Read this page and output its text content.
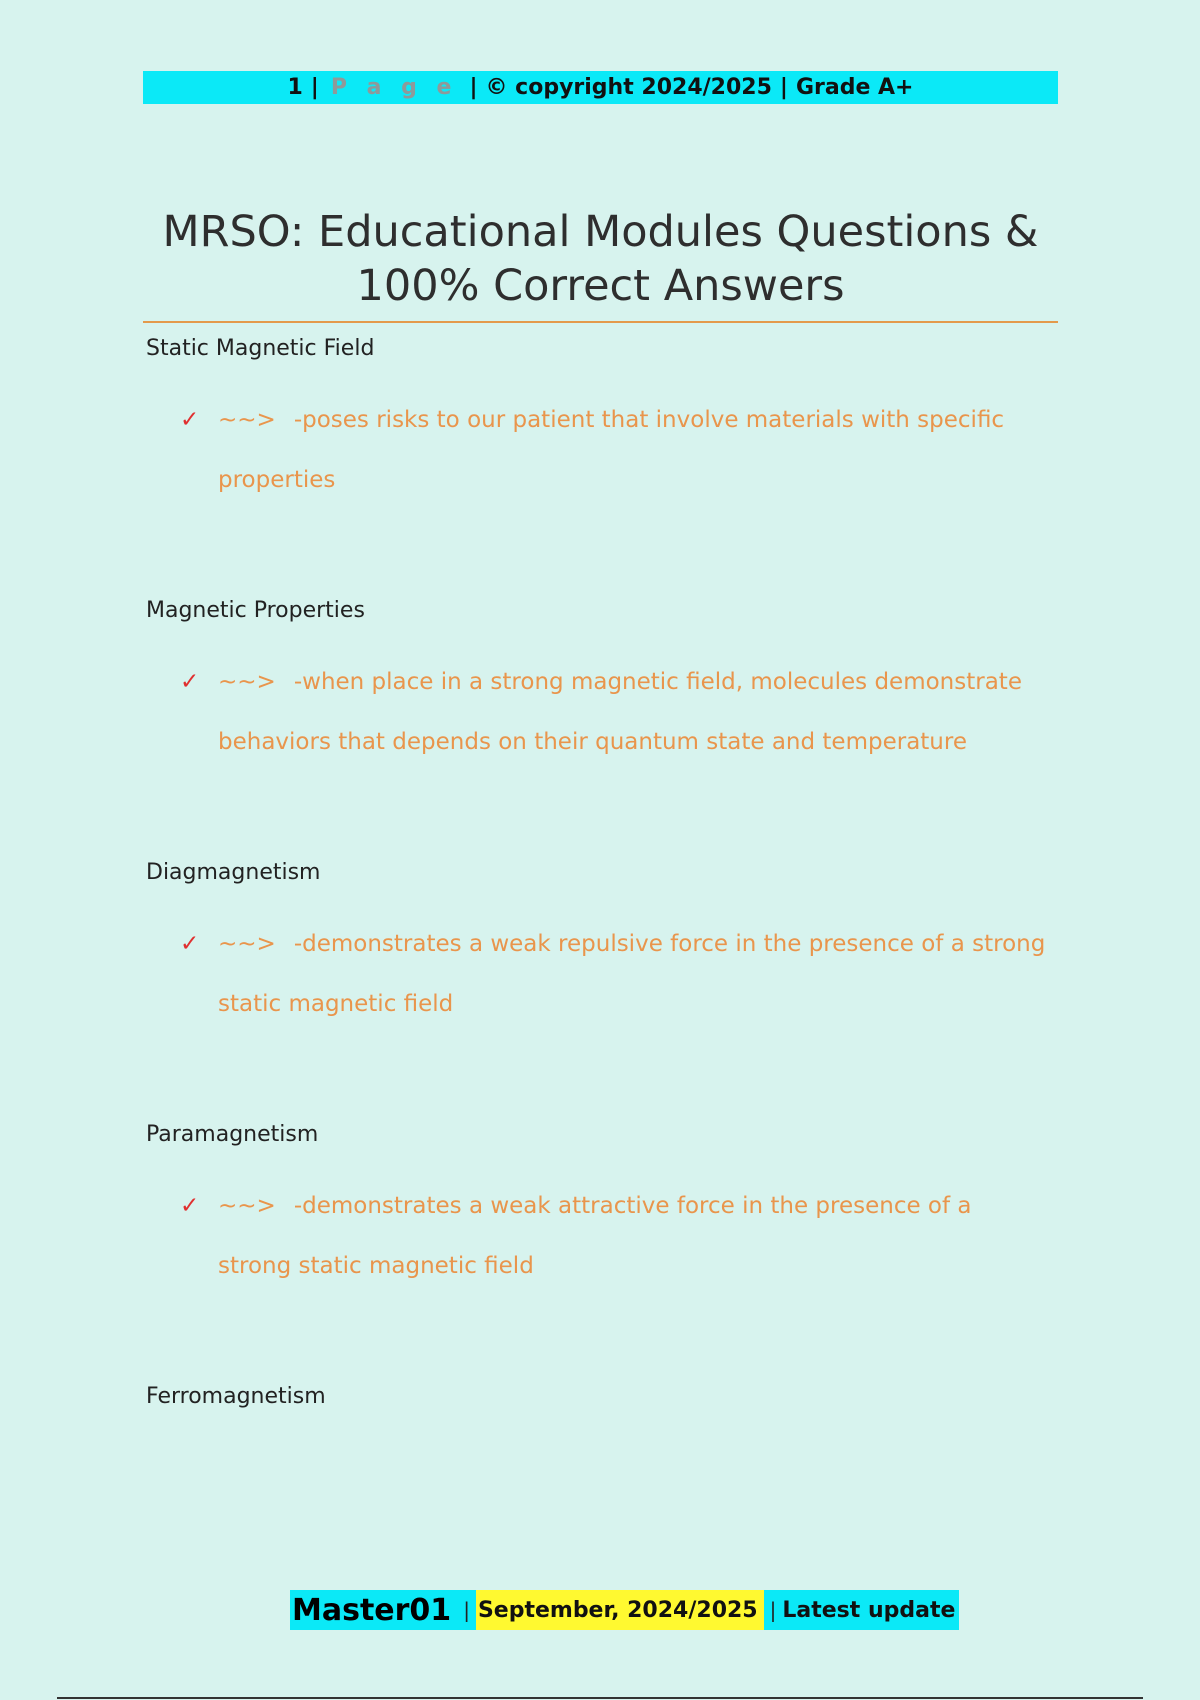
1 | P a g e | © copyright 2024/2025 | Grade A+
MRSO: Educational Modules Questions &
100% Correct Answers
Static Magnetic Field
✓ ~~> -poses risks to our patient that involve materials with specific
properties
Magnetic Properties
✓ ~~> -when place in a strong magnetic field, molecules demonstrate
behaviors that depends on their quantum state and temperature
Diagmagnetism
✓ ~~> -demonstrates a weak repulsive force in the presence of a strong
static magnetic field
Paramagnetism
✓ ~~> -demonstrates a weak attractive force in the presence of a
strong static magnetic field
Ferromagnetism
Master01 | September, 2024/2025 | Latest update
